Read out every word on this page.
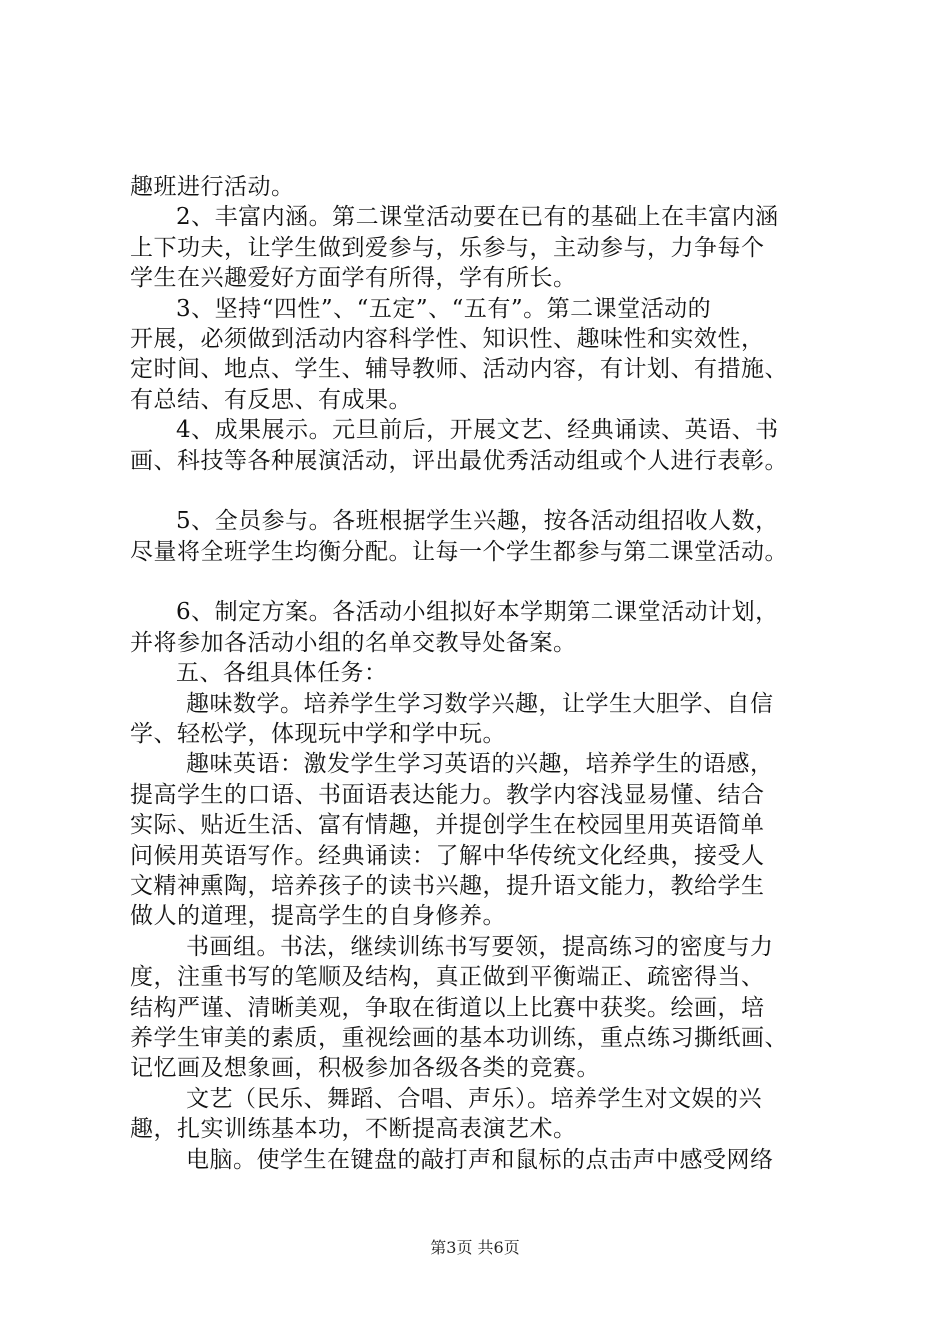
趣班进行活动。
2、丰富内涵。第二课堂活动要在已有的基础上在丰富内涵
上下功夫，让学生做到爱参与，乐参与，主动参与，力争每个
学生在兴趣爱好方面学有所得，学有所长。
3、坚持“四性”、“五定”、“五有”。第二课堂活动的
开展，必须做到活动内容科学性、知识性、趣味性和实效性，
定时间、地点、学生、辅导教师、活动内容，有计划、有措施、
有总结、有反思、有成果。
4、成果展示。元旦前后，开展文艺、经典诵读、英语、书
画、科技等各种展演活动，评出最优秀活动组或个人进行表彰。
5、全员参与。各班根据学生兴趣，按各活动组招收人数，
尽量将全班学生均衡分配。让每一个学生都参与第二课堂活动。
6、制定方案。各活动小组拟好本学期第二课堂活动计划，
并将参加各活动小组的名单交教导处备案。
五、各组具体任务：
趣味数学。培养学生学习数学兴趣，让学生大胆学、自信
学、轻松学，体现玩中学和学中玩。
趣味英语：激发学生学习英语的兴趣，培养学生的语感，
提高学生的口语、书面语表达能力。教学内容浅显易懂、结合
实际、贴近生活、富有情趣，并提创学生在校园里用英语简单
问候用英语写作。经典诵读：了解中华传统文化经典，接受人
文精神熏陶，培养孩子的读书兴趣，提升语文能力，教给学生
做人的道理，提高学生的自身修养。
书画组。书法，继续训练书写要领，提高练习的密度与力
度，注重书写的笔顺及结构，真正做到平衡端正、疏密得当、
结构严谨、清晰美观，争取在街道以上比赛中获奖。绘画，培
养学生审美的素质，重视绘画的基本功训练，重点练习撕纸画、
记忆画及想象画，积极参加各级各类的竞赛。
文艺（民乐、舞蹈、合唱、声乐）。培养学生对文娱的兴
趣，扎实训练基本功，不断提高表演艺术。
电脑。使学生在键盘的敲打声和鼠标的点击声中感受网络
第3页 共6页
